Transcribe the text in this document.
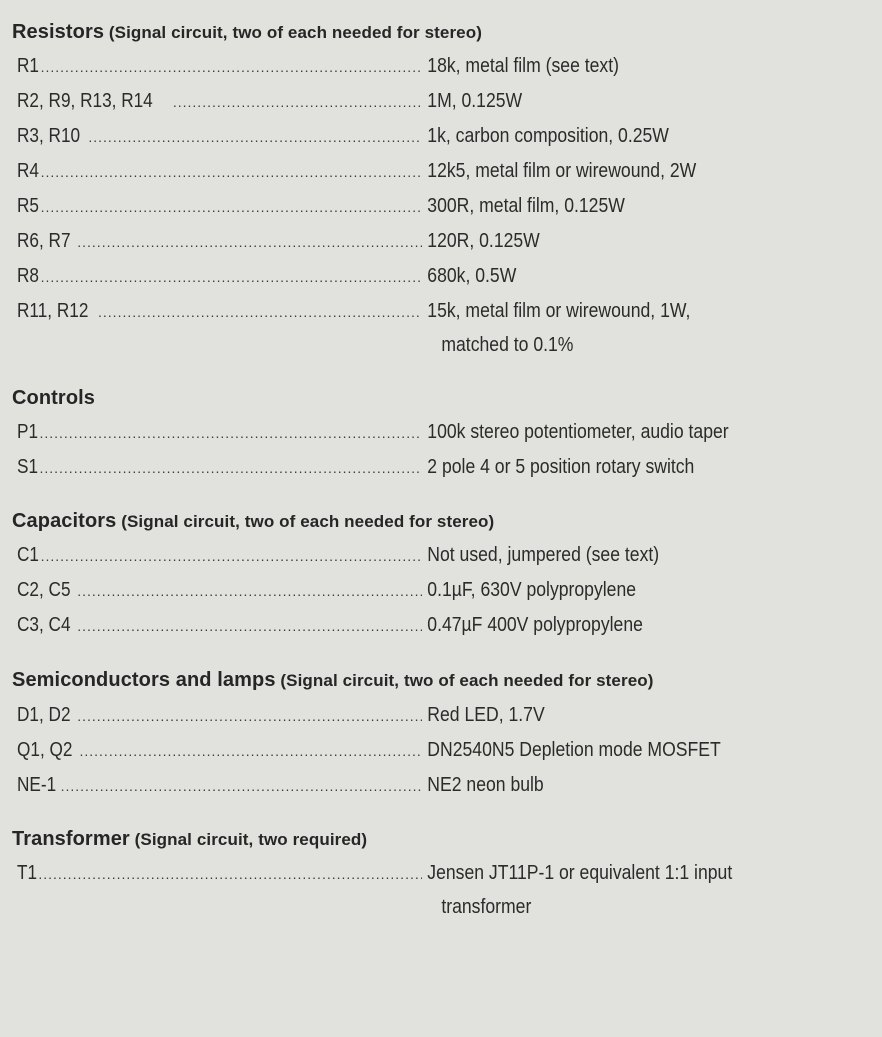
Resistors (Signal circuit, two of each needed for stereo)
R1 .....	18k, metal film (see text)
R2, R9, R13, R14 .....	1M, 0.125W
R3, R10 .....	1k, carbon composition, 0.25W
R4 .....	12k5, metal film or wirewound, 2W
R5 .....	300R, metal film, 0.125W
R6, R7 .....	120R, 0.125W
R8 .....	680k, 0.5W
R11, R12 .....	15k, metal film or wirewound, 1W,
matched to 0.1%
Controls
P1 .....	100k stereo potentiometer, audio taper
S1 .....	2 pole 4 or 5 position rotary switch
Capacitors (Signal circuit, two of each needed for stereo)
C1 .....	Not used, jumpered (see text)
C2, C5 .....	0.1µF, 630V polypropylene
C3, C4 .....	0.47µF 400V polypropylene
Semiconductors and lamps (Signal circuit, two of each needed for stereo)
D1, D2 .....	Red LED, 1.7V
Q1, Q2 .....	DN2540N5 Depletion mode MOSFET
NE-1 .....	NE2 neon bulb
Transformer (Signal circuit, two required)
T1 .....	Jensen JT11P-1 or equivalent 1:1 input
transformer
